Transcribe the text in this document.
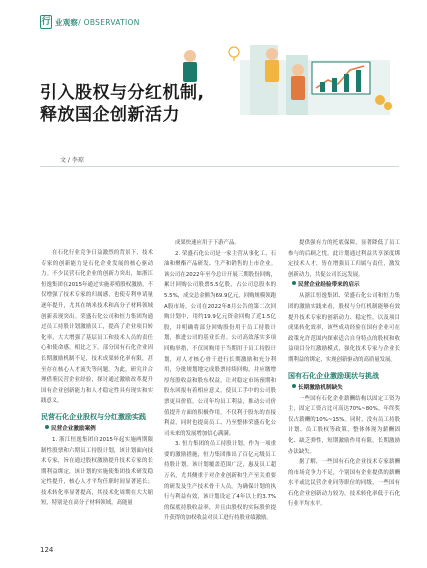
行 业观察 / OBSERVATION
引入股权与分红机制,
释放国企创新活力
文 / 李琼

在石化行业竞争日益激烈的背景下，技术专家的创新能力是石化企业发展的核心驱动力。不少民营石化企业的创新力突出，如浙江恒逸集团在2015年通过实施养殖股权激励，不仅增强了技术专家的归属感，也使专利申请量逐年提升，尤其在纳米技术和高分子材料领域创新表现突出。荣盛石化公司和恒力集团均通过员工持股计划激励员工，提高了企业项目转化率，大大增强了基层员工和技术人员的责任心和使命感。相比之下，部分国有石化企业因长期激励机制不足，技术成果转化率有限，甚至存在核心人才流失等问题。为此，研究并合理借鉴民营企业经验，探讨通过激励改革提升国有企业创新能力和人才稳定性具有现实和实践意义。

民营石化企业股权与分红激励实践
民营企业激励案例

1. 浙江恒逸集团自2015年起实施两期限制性股票和六期员工持股计划，该计划面向技术专家，旨在通过股权激励提升技术专家的长期利益绑定，该计划的实施使集团技术研发稳定性提升，核心人才平均任职时间显著延长；技术转化率显著提高，其技术化周期在大大缩短，特别是在高分子材料领域，高能量

成果快速应用于下游产品。

2. 荣盛石化公司是一家主营从事化工、石油和聚酯产品研发、生产和销售的上市企业。该公司在2022年至今总计开展三期股份回购，累计回购公司股票5.5亿股，占公司总股本的5.5%，成交总金额为69.9亿元，回购规模领跑A股市场。公司在2022年8月公告的第二次回购计划中，用约19.9亿元资金回购了近1.5亿股，并明确将部分回购股份用于员工持股计划，推进公司的基业长青。公司高效落实多项回购举措，不仅回购用于当期用于员工持股计划，对人才核心骨干进行长期激励和充分利用，分批规划地完成股票持续回购，并应缴增厚每股收益和股东权益，让对稳定市场预期和股东回报有着相应意义，使员工手中的公司股票更具价值。公司年均员工利益，推动公司价值提升方面的积极作用，不仅利于股东的直接利益，同时也提高员工、乃至整体荣盛石化公司未来的发展增加信心满满。

3. 恒力集团的员工持股计划。作为一项重要的激励措施，恒力集团推出了百亿元级员工持股计划。该计划覆盖范围广泛，惠及员工超万名，尤其侧重于对企业创新和生产至关重要的研发及生产技术骨干人员。为确保计划的执行与利益有效，该计划设定了4年以上的3.7%的保底持股收益率，并且由股权的实际股价提升获得的加权收益对员工进行持股业绩激励。

提供强有力的托底保障，显著降低了员工参与的后顾之忧。此计划通过利益共享深度绑定技术人才，皆在增强员工归属与责任，激发创新动力，共促公司长远发展。

民营企业经验带来的启示

从浙江恒逸集团、荣盛石化公司和恒力集团的激励实践来看，股权与分红机制能够有效提升技术专家的创新动力、稳定性，以及项目成果转化效率，该些成功经验在国有企业可在政策允许范围内探索适合自身特点的股权和收益项目分红激励模式，强化技术专家与企业长期利益的绑定，实现创新驱动的高质量发展。

国有石化企业激励现状与挑战
长期激励机制缺失

一些国有石化企业薪酬结构以固定工资为主，固定工资占比可高达70%~80%。年终奖仅占薪酬的10%~15%。同时，没有员工持股计划、员工股权等政策，整体体现为薪酬固化、缺乏弹性，短期激励作用有限，长期激励办法缺失。

据了解，一些国有石化企业技术专家薪酬的市场竞争力不足，个别国有企业提供的薪酬水平或比民营企业同等职位的同级，一些国有石化企业创新动力较为，技术转化率低于石化行业平均水平。

124
